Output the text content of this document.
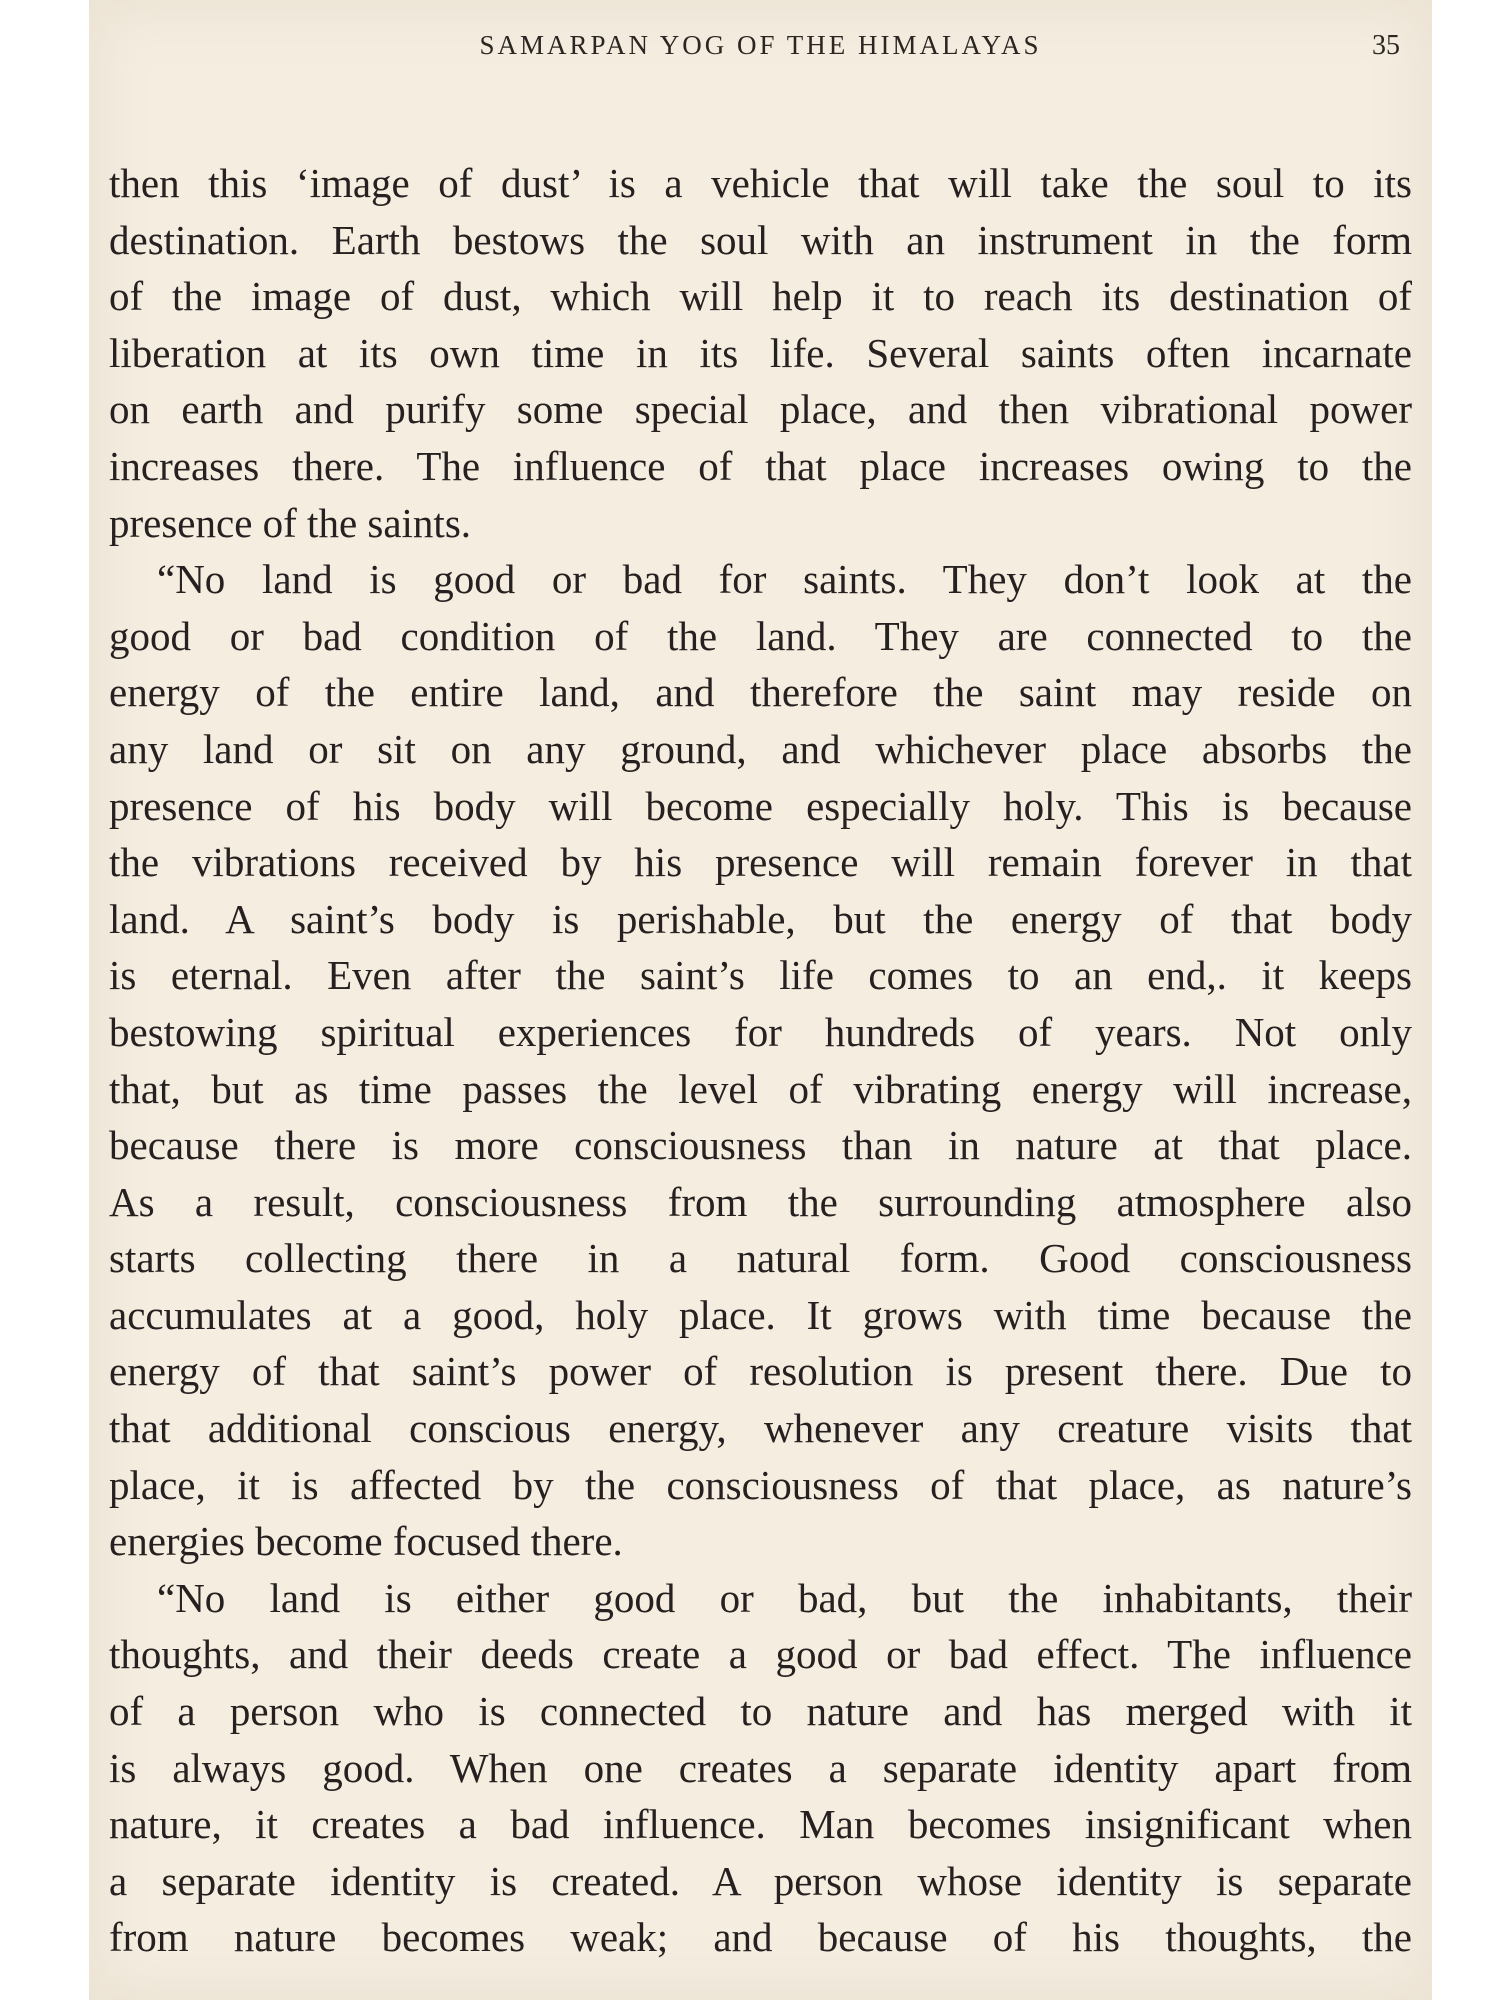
SAMARPAN YOG OF THE HIMALAYAS	35
then this ‘image of dust’ is a vehicle that will take the soul to its
destination. Earth bestows the soul with an instrument in the form
of the image of dust, which will help it to reach its destination of
liberation at its own time in its life. Several saints often incarnate
on earth and purify some special place, and then vibrational power
increases there. The influence of that place increases owing to the
presence of the saints.
“No land is good or bad for saints. They don’t look at the
good or bad condition of the land. They are connected to the
energy of the entire land, and therefore the saint may reside on
any land or sit on any ground, and whichever place absorbs the
presence of his body will become especially holy. This is because
the vibrations received by his presence will remain forever in that
land. A saint’s body is perishable, but the energy of that body
is eternal. Even after the saint’s life comes to an end,. it keeps
bestowing spiritual experiences for hundreds of years. Not only
that, but as time passes the level of vibrating energy will increase,
because there is more consciousness than in nature at that place.
As a result, consciousness from the surrounding atmosphere also
starts collecting there in a natural form. Good consciousness
accumulates at a good, holy place. It grows with time because the
energy of that saint’s power of resolution is present there. Due to
that additional conscious energy, whenever any creature visits that
place, it is affected by the consciousness of that place, as nature’s
energies become focused there.
“No land is either good or bad, but the inhabitants, their
thoughts, and their deeds create a good or bad effect. The influence
of a person who is connected to nature and has merged with it
is always good. When one creates a separate identity apart from
nature, it creates a bad influence. Man becomes insignificant when
a separate identity is created. A person whose identity is separate
from nature becomes weak; and because of his thoughts, the
